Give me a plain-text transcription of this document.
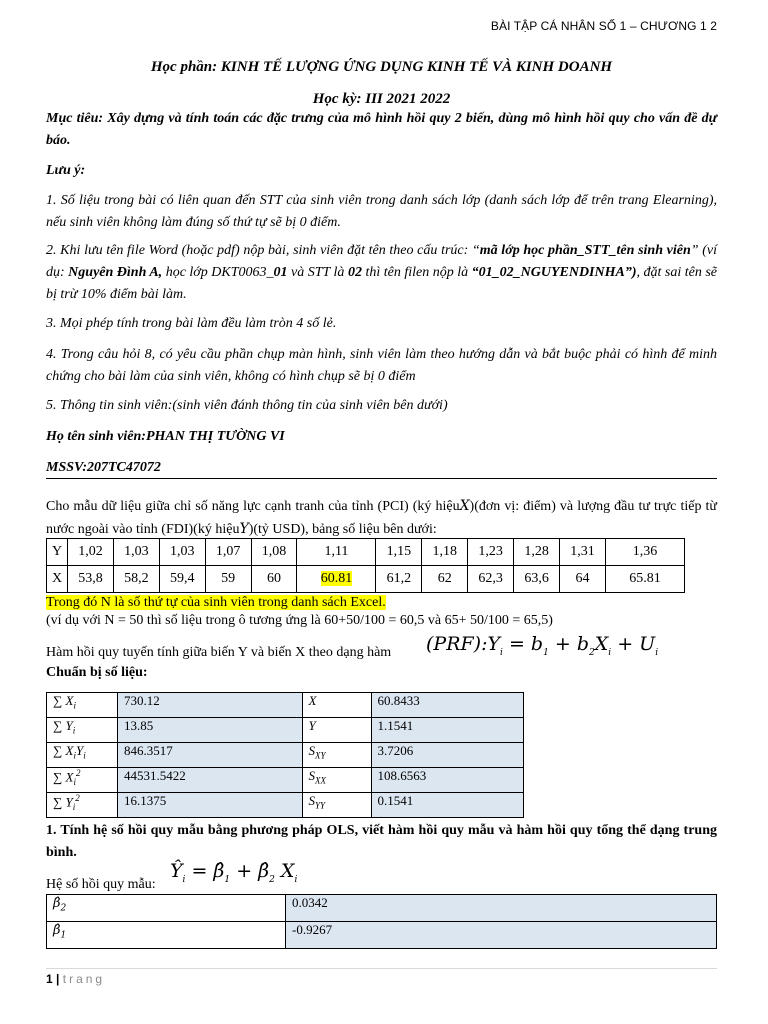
BÀI TẬP CÁ NHÂN SỐ 1 – CHƯƠNG 1 2
Học phần: KINH TẾ LƯỢNG ỨNG DỤNG KINH TẾ VÀ KINH DOANH
Học kỳ: III 2021 2022
Mục tiêu: Xây dựng và tính toán các đặc trưng của mô hình hồi quy 2 biến, dùng mô hình hồi quy cho vấn đề dự báo.
Lưu ý:
1. Số liệu trong bài có liên quan đến STT của sinh viên trong danh sách lớp (danh sách lớp để trên trang Elearning), nếu sinh viên không làm đúng số thứ tự sẽ bị 0 điểm.
2. Khi lưu tên file Word (hoặc pdf) nộp bài, sinh viên đặt tên theo cấu trúc: “mã lớp học phần_STT_tên sinh viên” (ví dụ: Nguyên Đình A, học lớp DKT0063_01 và STT là 02 thì tên filen nộp là “01_02_NGUYENDINHA”), đặt sai tên sẽ bị trừ 10% điểm bài làm.
3. Mọi phép tính trong bài làm đều làm tròn 4 số lẻ.
4. Trong câu hỏi 8, có yêu cầu phần chụp màn hình, sinh viên làm theo hướng dẫn và bắt buộc phải có hình để minh chứng cho bài làm của sinh viên, không có hình chụp sẽ bị 0 điểm
5. Thông tin sinh viên:(sinh viên đánh thông tin của sinh viên bên dưới)
Họ tên sinh viên:PHAN THỊ TƯỜNG VI
MSSV:207TC47072
Cho mẫu dữ liệu giữa chỉ số năng lực cạnh tranh của tỉnh (PCI) (ký hiệuX)(đơn vị: điểm) và lượng đầu tư trực tiếp từ nước ngoài vào tỉnh (FDI)(ký hiệuY)(tỷ USD), bảng số liệu bên dưới:
Y	1,02	1,03	1,03	1,07	1,08	1,11	1,15	1,18	1,23	1,28	1,31	1,36
X	53,8	58,2	59,4	59	60	60.81	61,2	62	62,3	63,6	64	65.81
Trong đó N là số thứ tự của sinh viên trong danh sách Excel.
(ví dụ với N = 50 thì số liệu trong ô tương ứng là 60+50/100 = 60,5 và 65+ 50/100 = 65,5)
Hàm hồi quy tuyến tính giữa biến Y và biến X theo dạng hàm $(PRF):Y_i = b_1 + b_2X_i + U_i$
Chuẩn bị số liệu:
∑ $X_i$	730.12	$\overline{X}$	60.8433
∑ $Y_i$	13.85	$\overline{Y}$	1.1541
∑ $X_iY_i$	846.3517	$S_{XY}$	3.7206
∑ $X_i^2$	44531.5422	$S_{XX}$	108.6563
∑ $Y_i^2$	16.1375	$S_{YY}$	0.1541
1. Tính hệ số hồi quy mẫu bằng phương pháp OLS, viết hàm hồi quy mẫu và hàm hồi quy tổng thể dạng trung bình.
Hệ số hồi quy mẫu:
$Ŷ_i$ = $\betâ_1$ + $\betâ_2$ $X_i$
$\betâ_2$	0.0342
$\betâ_1$	-0.9267
1 | trang
